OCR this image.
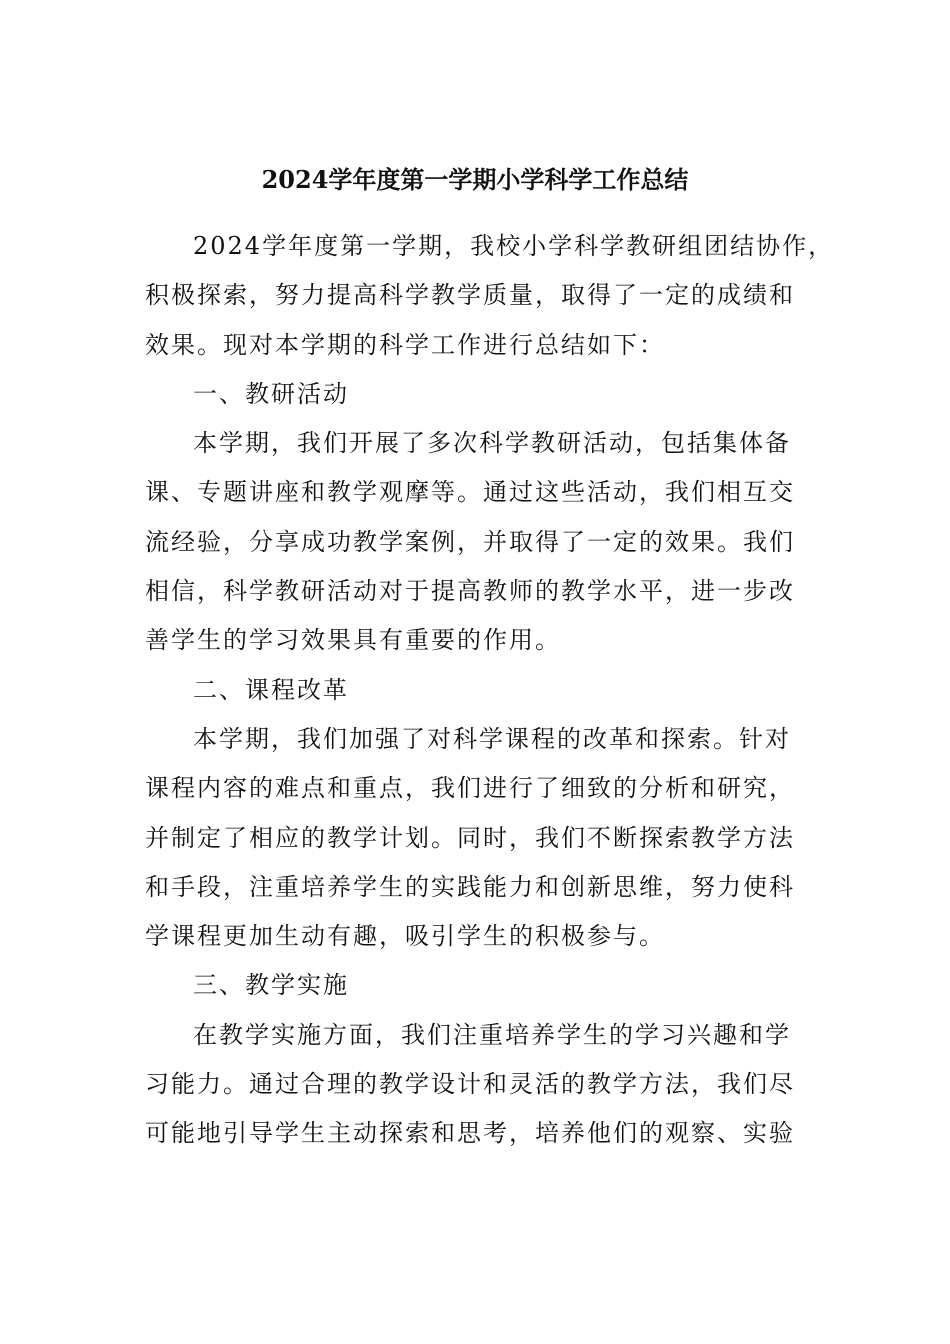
2024学年度第一学期小学科学工作总结
2024学年度第一学期，我校小学科学教研组团结协作，
积极探索，努力提高科学教学质量，取得了一定的成绩和
效果。现对本学期的科学工作进行总结如下：
一、教研活动
本学期，我们开展了多次科学教研活动，包括集体备
课、专题讲座和教学观摩等。通过这些活动，我们相互交
流经验，分享成功教学案例，并取得了一定的效果。我们
相信，科学教研活动对于提高教师的教学水平，进一步改
善学生的学习效果具有重要的作用。
二、课程改革
本学期，我们加强了对科学课程的改革和探索。针对
课程内容的难点和重点，我们进行了细致的分析和研究，
并制定了相应的教学计划。同时，我们不断探索教学方法
和手段，注重培养学生的实践能力和创新思维，努力使科
学课程更加生动有趣，吸引学生的积极参与。
三、教学实施
在教学实施方面，我们注重培养学生的学习兴趣和学
习能力。通过合理的教学设计和灵活的教学方法，我们尽
可能地引导学生主动探索和思考，培养他们的观察、实验
